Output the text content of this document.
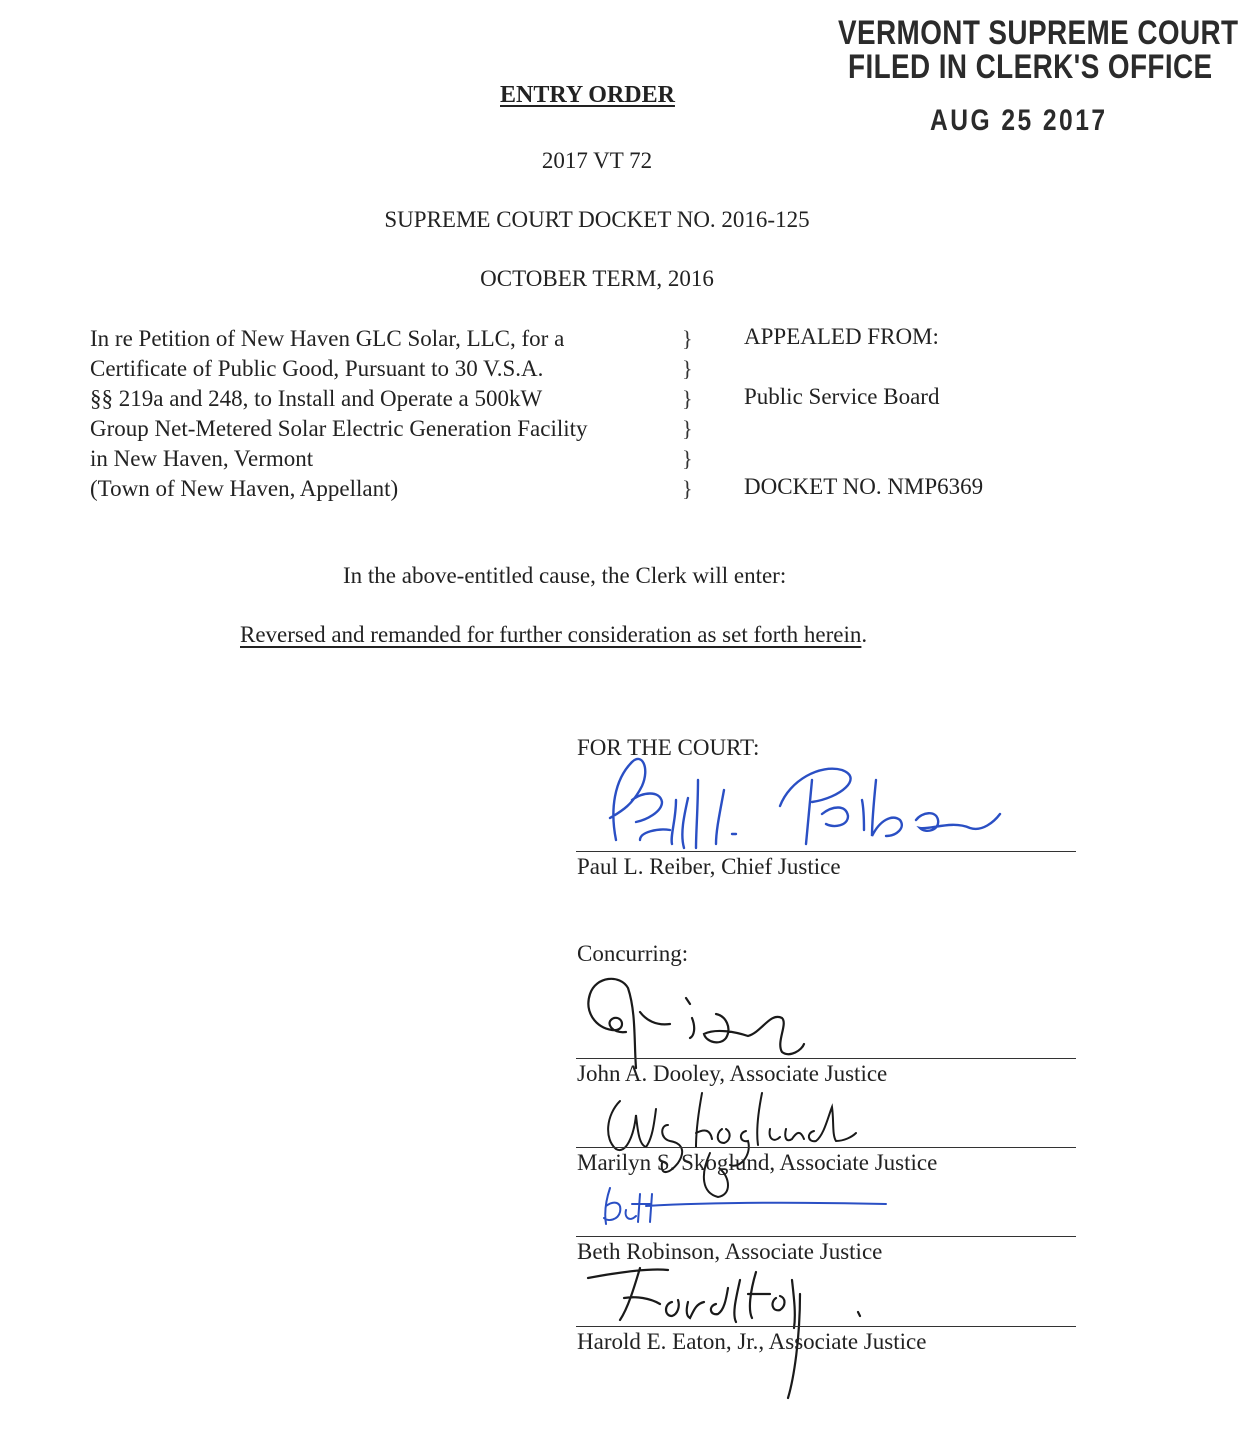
VERMONT SUPREME COURT
FILED IN CLERK'S OFFICE
AUG 25 2017
ENTRY ORDER
2017 VT 72
SUPREME COURT DOCKET NO. 2016-125
OCTOBER TERM, 2016
In re Petition of New Haven GLC Solar, LLC, for a
Certificate of Public Good, Pursuant to 30 V.S.A.
§§ 219a and 248, to Install and Operate a 500kW
Group Net-Metered Solar Electric Generation Facility
in New Haven, Vermont
(Town of New Haven, Appellant)
}
}
}
}
}
}
APPEALED FROM:
Public Service Board
DOCKET NO. NMP6369
In the above-entitled cause, the Clerk will enter:
Reversed and remanded for further consideration as set forth herein.
FOR THE COURT:
Paul L. Reiber, Chief Justice
Concurring:
John A. Dooley, Associate Justice
Marilyn S. Skoglund, Associate Justice
Beth Robinson, Associate Justice
Harold E. Eaton, Jr., Associate Justice
